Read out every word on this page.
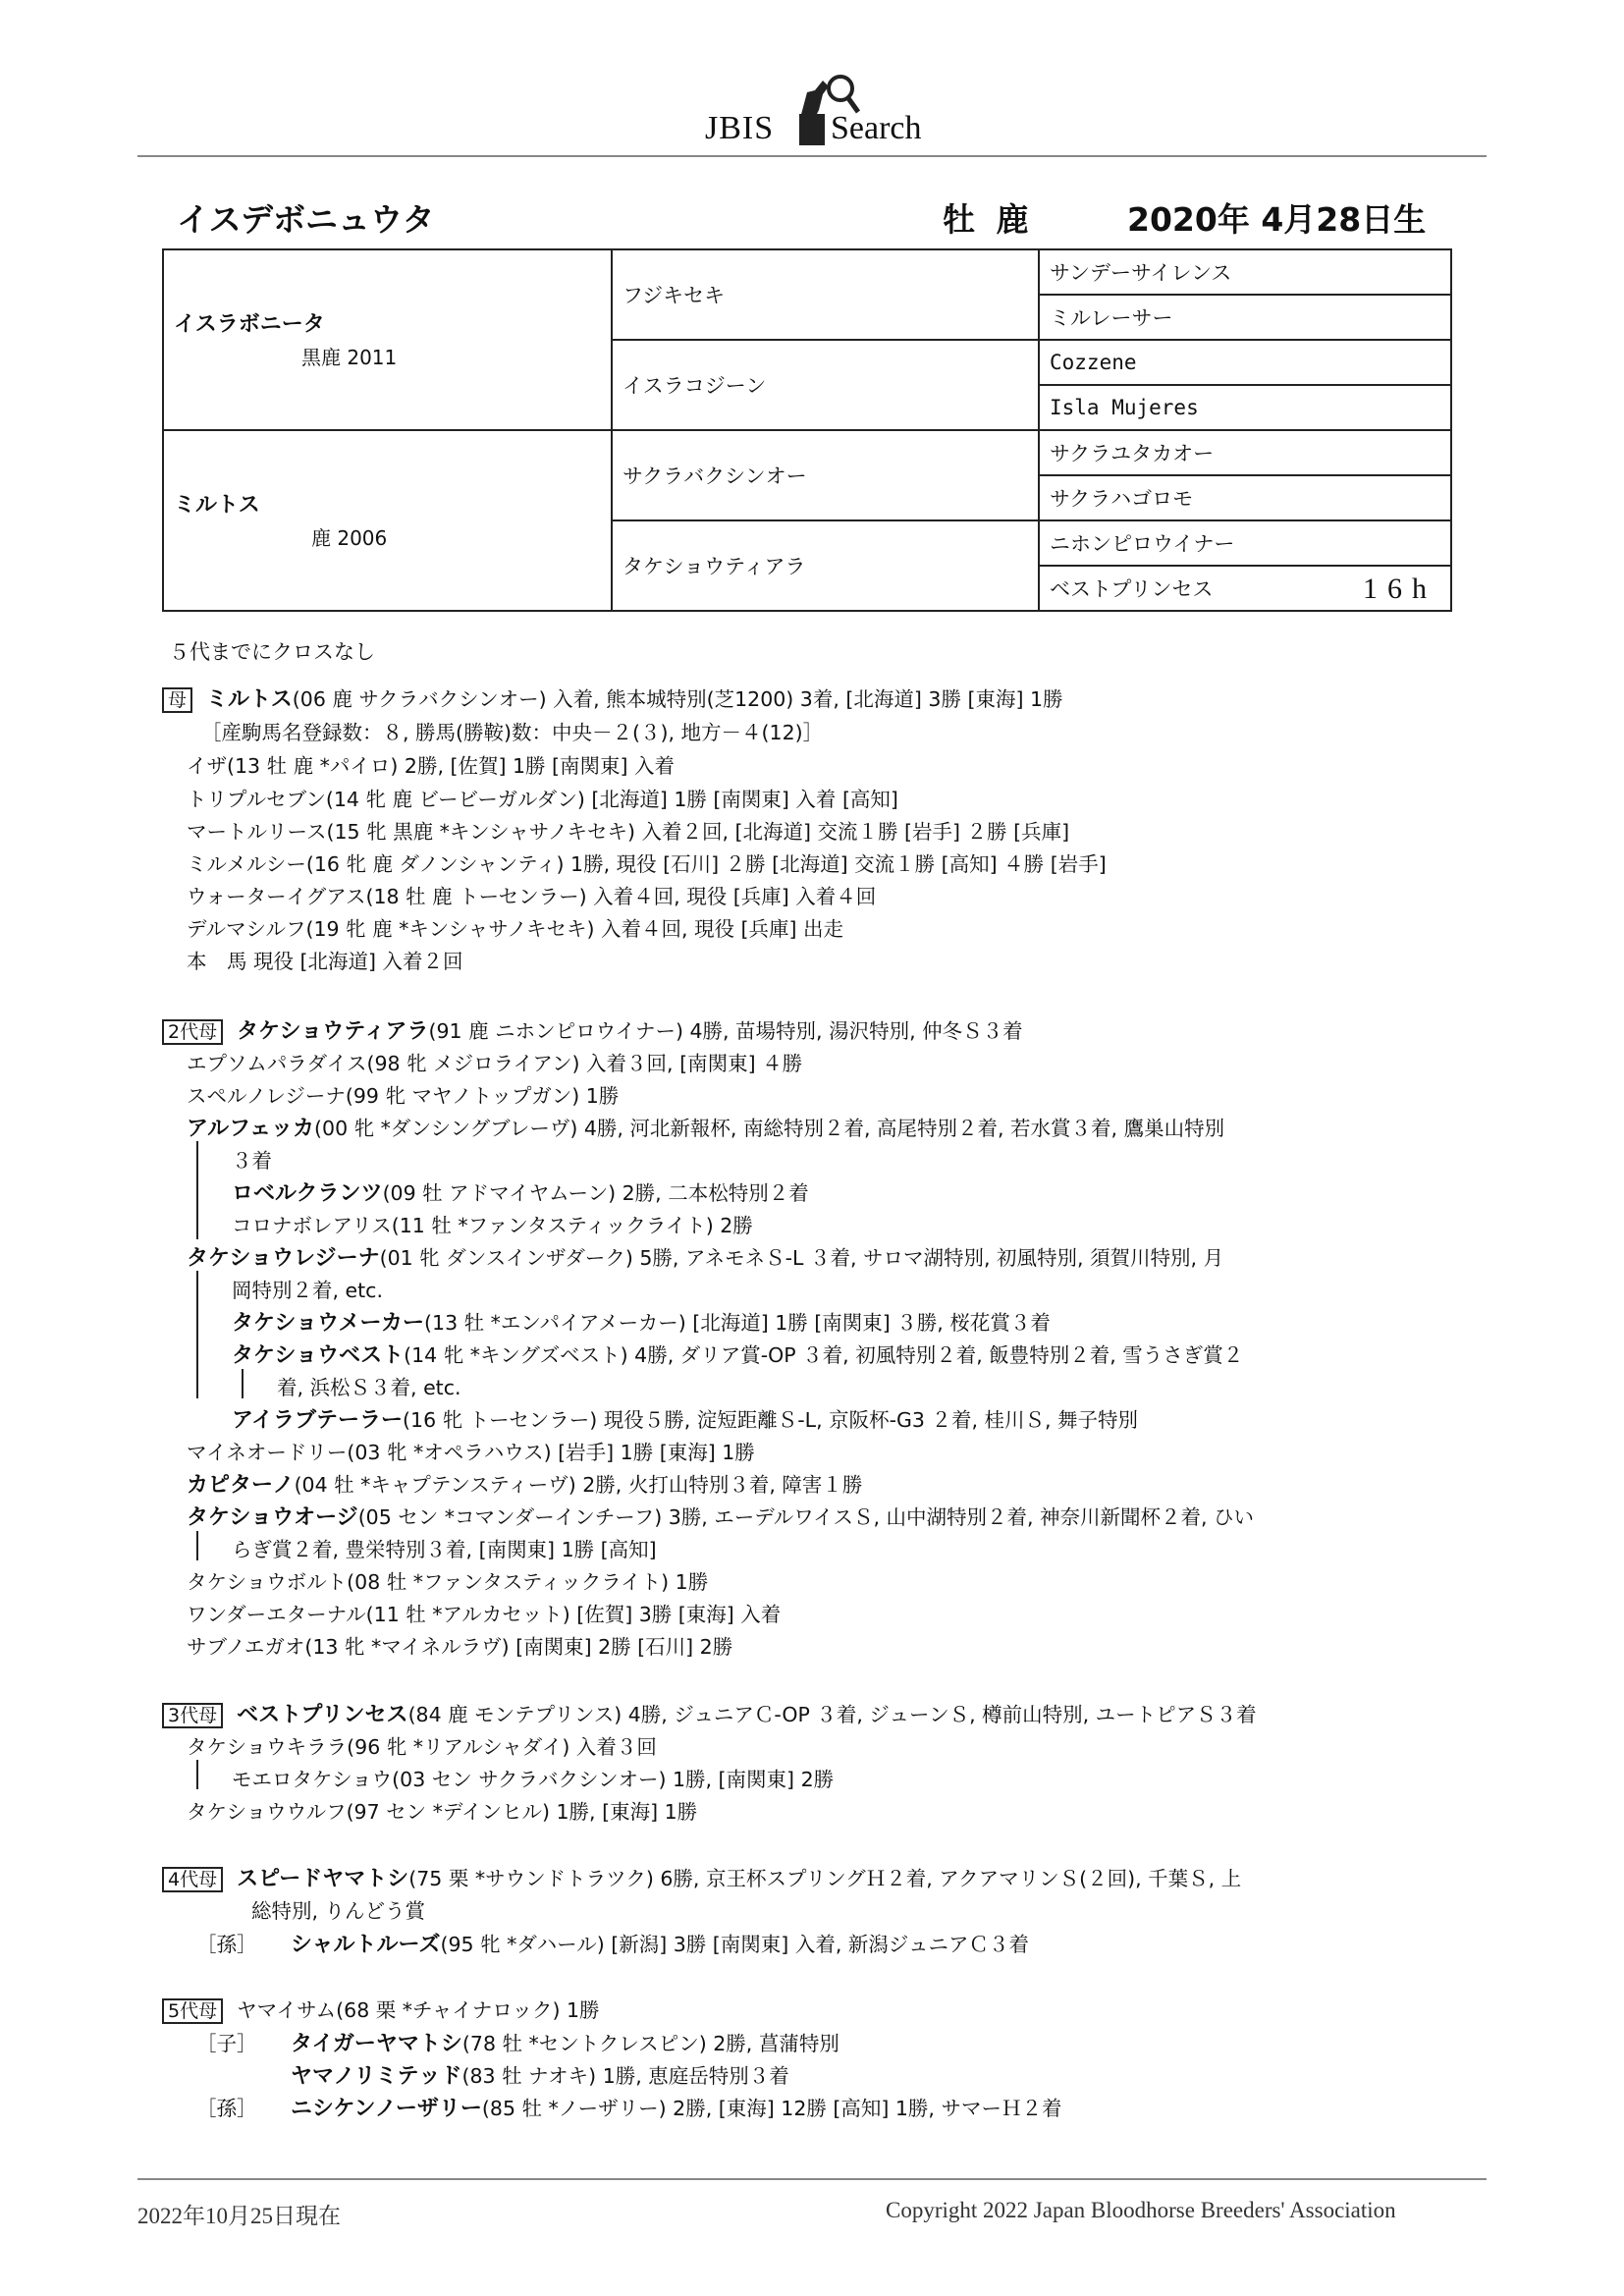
JBIS Search
イスデボニュウタ	牡 鹿	2020年 4月28日生
イスラボニータ
黒鹿 2011	フジキセキ	サンデーサイレンス
		ミルレーサー
	イスラコジーン	Cozzene
		Isla Mujeres

ミルトス
鹿 2006	サクラバクシンオー	サクラユタカオー
		サクラハゴロモ
	タケショウティアラ	ニホンピロウイナー
		ベストプリンセス 16h
５代までにクロスなし
母 ミルトス(06 鹿 サクラバクシンオー) 入着, 熊本城特別(芝1200) 3着, [北海道] 3勝 [東海] 1勝
［産駒馬名登録数：８, 勝馬(勝鞍)数：中央－２(３), 地方－４(12)］
イザ(13 牡 鹿 *パイロ) 2勝, [佐賀] 1勝 [南関東] 入着
トリプルセブン(14 牝 鹿 ビービーガルダン) [北海道] 1勝 [南関東] 入着 [高知]
マートルリース(15 牝 黒鹿 *キンシャサノキセキ) 入着２回, [北海道] 交流１勝 [岩手] ２勝 [兵庫]
ミルメルシー(16 牝 鹿 ダノンシャンティ) 1勝, 現役 [石川] ２勝 [北海道] 交流１勝 [高知] ４勝 [岩手]
ウォーターイグアス(18 牡 鹿 トーセンラー) 入着４回, 現役 [兵庫] 入着４回
デルマシルフ(19 牝 鹿 *キンシャサノキセキ) 入着４回, 現役 [兵庫] 出走
本　馬 現役 [北海道] 入着２回
2代母 タケショウティアラ(91 鹿 ニホンピロウイナー) 4勝, 苗場特別, 湯沢特別, 仲冬Ｓ３着
エプソムパラダイス(98 牝 メジロライアン) 入着３回, [南関東] ４勝
スペルノレジーナ(99 牝 マヤノトップガン) 1勝
アルフェッカ(00 牝 *ダンシングブレーヴ) 4勝, 河北新報杯, 南総特別２着, 高尾特別２着, 若水賞３着, 鷹巣山特別
３着
ロベルクランツ(09 牡 アドマイヤムーン) 2勝, 二本松特別２着
コロナボレアリス(11 牡 *ファンタスティックライト) 2勝
タケショウレジーナ(01 牝 ダンスインザダーク) 5勝, アネモネＳ-L ３着, サロマ湖特別, 初風特別, 須賀川特別, 月
岡特別２着, etc.
タケショウメーカー(13 牡 *エンパイアメーカー) [北海道] 1勝 [南関東] ３勝, 桜花賞３着
タケショウベスト(14 牝 *キングズベスト) 4勝, ダリア賞-OP ３着, 初風特別２着, 飯豊特別２着, 雪うさぎ賞２
着, 浜松Ｓ３着, etc.
アイラブテーラー(16 牝 トーセンラー) 現役５勝, 淀短距離Ｓ-L, 京阪杯-G3 ２着, 桂川Ｓ, 舞子特別
マイネオードリー(03 牝 *オペラハウス) [岩手] 1勝 [東海] 1勝
カピターノ(04 牡 *キャプテンスティーヴ) 2勝, 火打山特別３着, 障害１勝
タケショウオージ(05 セン *コマンダーインチーフ) 3勝, エーデルワイスＳ, 山中湖特別２着, 神奈川新聞杯２着, ひい
らぎ賞２着, 豊栄特別３着, [南関東] 1勝 [高知]
タケショウボルト(08 牡 *ファンタスティックライト) 1勝
ワンダーエターナル(11 牡 *アルカセット) [佐賀] 3勝 [東海] 入着
サブノエガオ(13 牝 *マイネルラヴ) [南関東] 2勝 [石川] 2勝
3代母 ベストプリンセス(84 鹿 モンテプリンス) 4勝, ジュニアＣ-OP ３着, ジューンＳ, 樽前山特別, ユートピアＳ３着
タケショウキララ(96 牝 *リアルシャダイ) 入着３回
モエロタケショウ(03 セン サクラバクシンオー) 1勝, [南関東] 2勝
タケショウウルフ(97 セン *デインヒル) 1勝, [東海] 1勝
4代母 スピードヤマトシ(75 栗 *サウンドトラツク) 6勝, 京王杯スプリングＨ２着, アクアマリンＳ(２回), 千葉Ｓ, 上
総特別, りんどう賞
［孫］ シャルトルーズ(95 牝 *ダハール) [新潟] 3勝 [南関東] 入着, 新潟ジュニアＣ３着
5代母 ヤマイサム(68 栗 *チャイナロック) 1勝
［子］ タイガーヤマトシ(78 牡 *セントクレスピン) 2勝, 菖蒲特別
ヤマノリミテッド(83 牡 ナオキ) 1勝, 恵庭岳特別３着
［孫］ ニシケンノーザリー(85 牡 *ノーザリー) 2勝, [東海] 12勝 [高知] 1勝, サマーＨ２着
2022年10月25日現在	Copyright 2022 Japan Bloodhorse Breeders' Association
